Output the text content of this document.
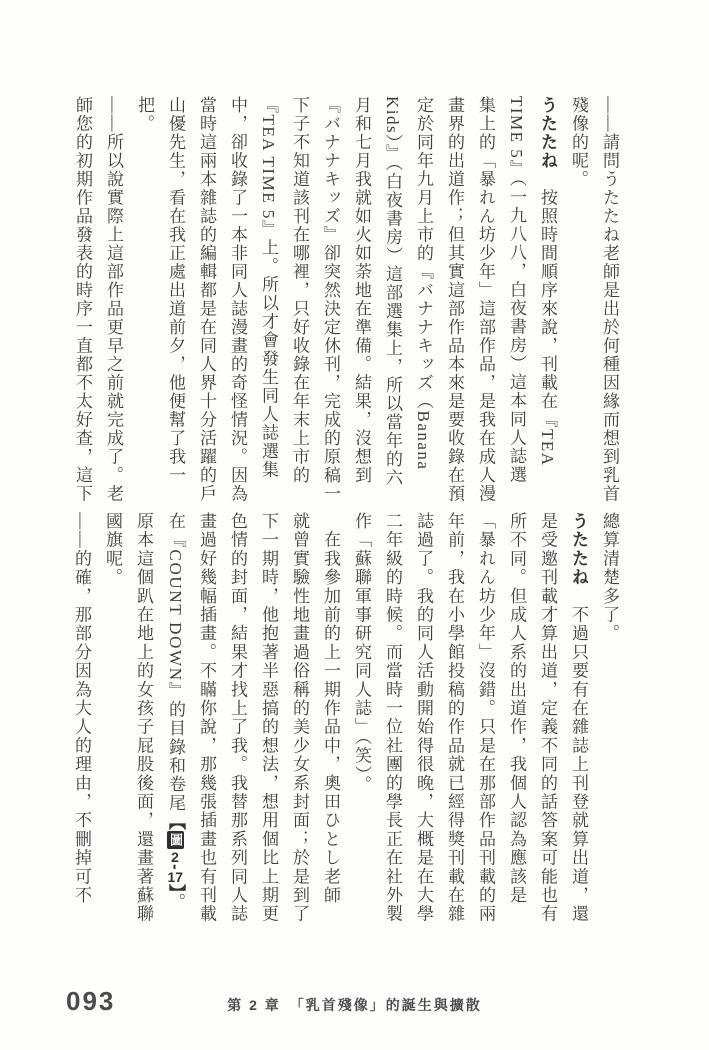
——請問うたたね老師是出於何種因緣而想到乳首
殘像的呢。
うたたね　按照時間順序來說，刊載在『TEA
TIME 5』（一九八八，白夜書房）這本同人誌選
集上的「暴れん坊少年」這部作品，是我在成人漫
畫界的出道作；但其實這部作品本來是要收錄在預
定於同年九月上市的『バナナキッズ（Banana
Kids）』（白夜書房）這部選集上，所以當年的六
月和七月我就如火如荼地在準備。結果，沒想到
『バナナキッズ』卻突然決定休刊，完成的原稿一
下子不知道該刊在哪裡，只好收錄在年末上市的
『TEA TIME 5』上。所以才會發生同人誌選集
中，卻收錄了一本非同人誌漫畫的奇怪情況。因為
當時這兩本雜誌的編輯都是在同人界十分活躍的戶
山優先生，看在我正處出道前夕，他便幫了我一
把。
——所以說實際上這部作品更早之前就完成了。老
師您的初期作品發表的時序一直都不太好查，這下
總算清楚多了。
うたたね　不過只要有在雜誌上刊登就算出道，還
是受邀刊載才算出道，定義不同的話答案可能也有
所不同。但成人系的出道作，我個人認為應該是
「暴れん坊少年」沒錯。只是在那部作品刊載的兩
年前，我在小學館投稿的作品就已經得獎刊載在雜
誌過了。我的同人活動開始得很晚，大概是在大學
二年級的時候。而當時一位社團的學長正在社外製
作「蘇聯軍事研究同人誌」（笑）。
　在我參加前的上一期作品中，奧田ひとし老師
就曾實驗性地畫過俗稱的美少女系封面；於是到了
下一期時，他抱著半惡搞的想法，想用個比上期更
色情的封面，結果才找上了我。我替那系列同人誌
畫過好幾幅插畫。不瞞你說，那幾張插畫也有刊載
在『COUNT DOWN』的目錄和卷尾【圖2-17】。
原本這個趴在地上的女孩子屁股後面，還畫著蘇聯
國旗呢。
——的確，那部分因為大人的理由，不刪掉可不
093	第 2 章　「乳首殘像」的誕生與擴散
